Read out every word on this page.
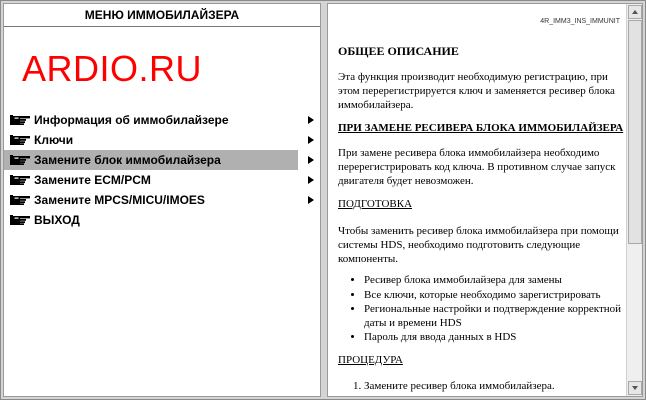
МЕНЮ ИММОБИЛАЙЗЕРА
ARDIO.RU
Информация об иммобилайзере
Ключи
Замените блок иммобилайзера
Замените ECM/PCM
Замените MPCS/MICU/IMOES
ВЫХОД
4R_IMM3_INS_IMMUNIT
ОБЩЕЕ ОПИСАНИЕ
Эта функция производит необходимую регистрацию, при этом перерегистрируется ключ и заменяется ресивер блока иммобилайзера.
ПРИ ЗАМЕНЕ РЕСИВЕРА БЛОКА ИММОБИЛАЙЗЕРА
При замене ресивера блока иммобилайзера необходимо перерегистрировать код ключа. В противном случае запуск двигателя будет невозможен.
ПОДГОТОВКА
Чтобы заменить ресивер блока иммобилайзера при помощи системы HDS, необходимо подготовить следующие компоненты.
• Ресивер блока иммобилайзера для замены
• Все ключи, которые необходимо зарегистрировать
• Региональные настройки и подтверждение корректной даты и времени HDS
• Пароль для ввода данных в HDS
ПРОЦЕДУРА
1. Замените ресивер блока иммобилайзера.
